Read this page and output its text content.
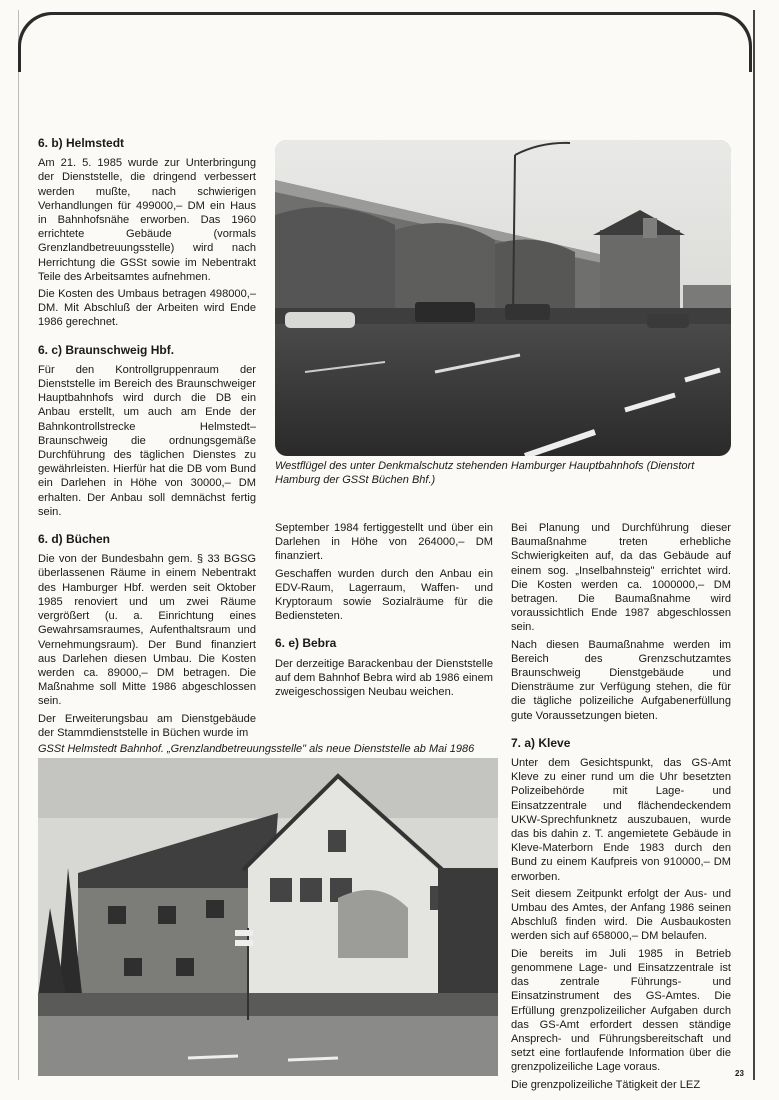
6. b) Helmstedt

Am 21. 5. 1985 wurde zur Unterbringung der Dienststelle, die dringend verbessert werden mußte, nach schwierigen Verhandlungen für 499000,– DM ein Haus in Bahnhofsnähe erworben. Das 1960 errichtete Gebäude (vormals Grenzlandbetreuungsstelle) wird nach Herrichtung die GSSt sowie im Nebentrakt Teile des Arbeitsamtes aufnehmen.

Die Kosten des Umbaus betragen 498000,– DM. Mit Abschluß der Arbeiten wird Ende 1986 gerechnet.

6. c) Braunschweig Hbf.

Für den Kontrollgruppenraum der Dienststelle im Bereich des Braunschweiger Hauptbahnhofs wird durch die DB ein Anbau erstellt, um auch am Ende der Bahnkontrollstrecke Helmstedt–Braunschweig die ordnungsgemäße Durchführung des täglichen Dienstes zu gewährleisten. Hierfür hat die DB vom Bund ein Darlehen in Höhe von 30000,– DM erhalten. Der Anbau soll demnächst fertig sein.

6. d) Büchen

Die von der Bundesbahn gem. § 33 BGSG überlassenen Räume in einem Nebentrakt des Hamburger Hbf. werden seit Oktober 1985 renoviert und um zwei Räume vergrößert (u. a. Einrichtung eines Gewahrsamsraumes, Aufenthaltsraum und Vernehmungsraum). Der Bund finanziert aus Darlehen diesen Umbau. Die Kosten werden ca. 89000,– DM betragen. Die Maßnahme soll Mitte 1986 abgeschlossen sein.

Der Erweiterungsbau am Dienstgebäude der Stammdienststelle in Büchen wurde im

Westflügel des unter Denkmalschutz stehenden Hamburger Hauptbahnhofs (Dienstort Hamburg der GSSt Büchen Bhf.)

September 1984 fertiggestellt und über ein Darlehen in Höhe von 264000,– DM finanziert.

Geschaffen wurden durch den Anbau ein EDV-Raum, Lagerraum, Waffen- und Kryptoraum sowie Sozialräume für die Bediensteten.

6. e) Bebra

Der derzeitige Barackenbau der Dienststelle auf dem Bahnhof Bebra wird ab 1986 einem zweigeschossigen Neubau weichen.

Bei Planung und Durchführung dieser Baumaßnahme treten erhebliche Schwierigkeiten auf, da das Gebäude auf einem sog. „Inselbahnsteig" errichtet wird. Die Kosten werden ca. 1000000,– DM betragen. Die Baumaßnahme wird voraussichtlich Ende 1987 abgeschlossen sein.

Nach diesen Baumaßnahme werden im Bereich des Grenzschutzamtes Braunschweig Dienstgebäude und Diensträume zur Verfügung stehen, die für die tägliche polizeiliche Aufgabenerfüllung gute Voraussetzungen bieten.

7. a) Kleve

Unter dem Gesichtspunkt, das GS-Amt Kleve zu einer rund um die Uhr besetzten Polizeibehörde mit Lage- und Einsatzzentrale und flächendeckendem UKW-Sprechfunknetz auszubauen, wurde das bis dahin z. T. angemietete Gebäude in Kleve-Materborn Ende 1983 durch den Bund zu einem Kaufpreis von 910000,– DM erworben.

Seit diesem Zeitpunkt erfolgt der Aus- und Umbau des Amtes, der Anfang 1986 seinen Abschluß finden wird. Die Ausbaukosten werden sich auf 658000,– DM belaufen.

Die bereits im Juli 1985 in Betrieb genommene Lage- und Einsatzzentrale ist das zentrale Führungs- und Einsatzinstrument des GS-Amtes. Die Erfüllung grenzpolizeilicher Aufgaben durch das GS-Amt erfordert dessen ständige Ansprech- und Führungsbereitschaft und setzt eine fortlaufende Information über die grenzpolizeiliche Lage voraus.

Die grenzpolizeiliche Tätigkeit der LEZ

GSSt Helmstedt Bahnhof. „Grenzlandbetreuungsstelle" als neue Dienststelle ab Mai 1986
23
